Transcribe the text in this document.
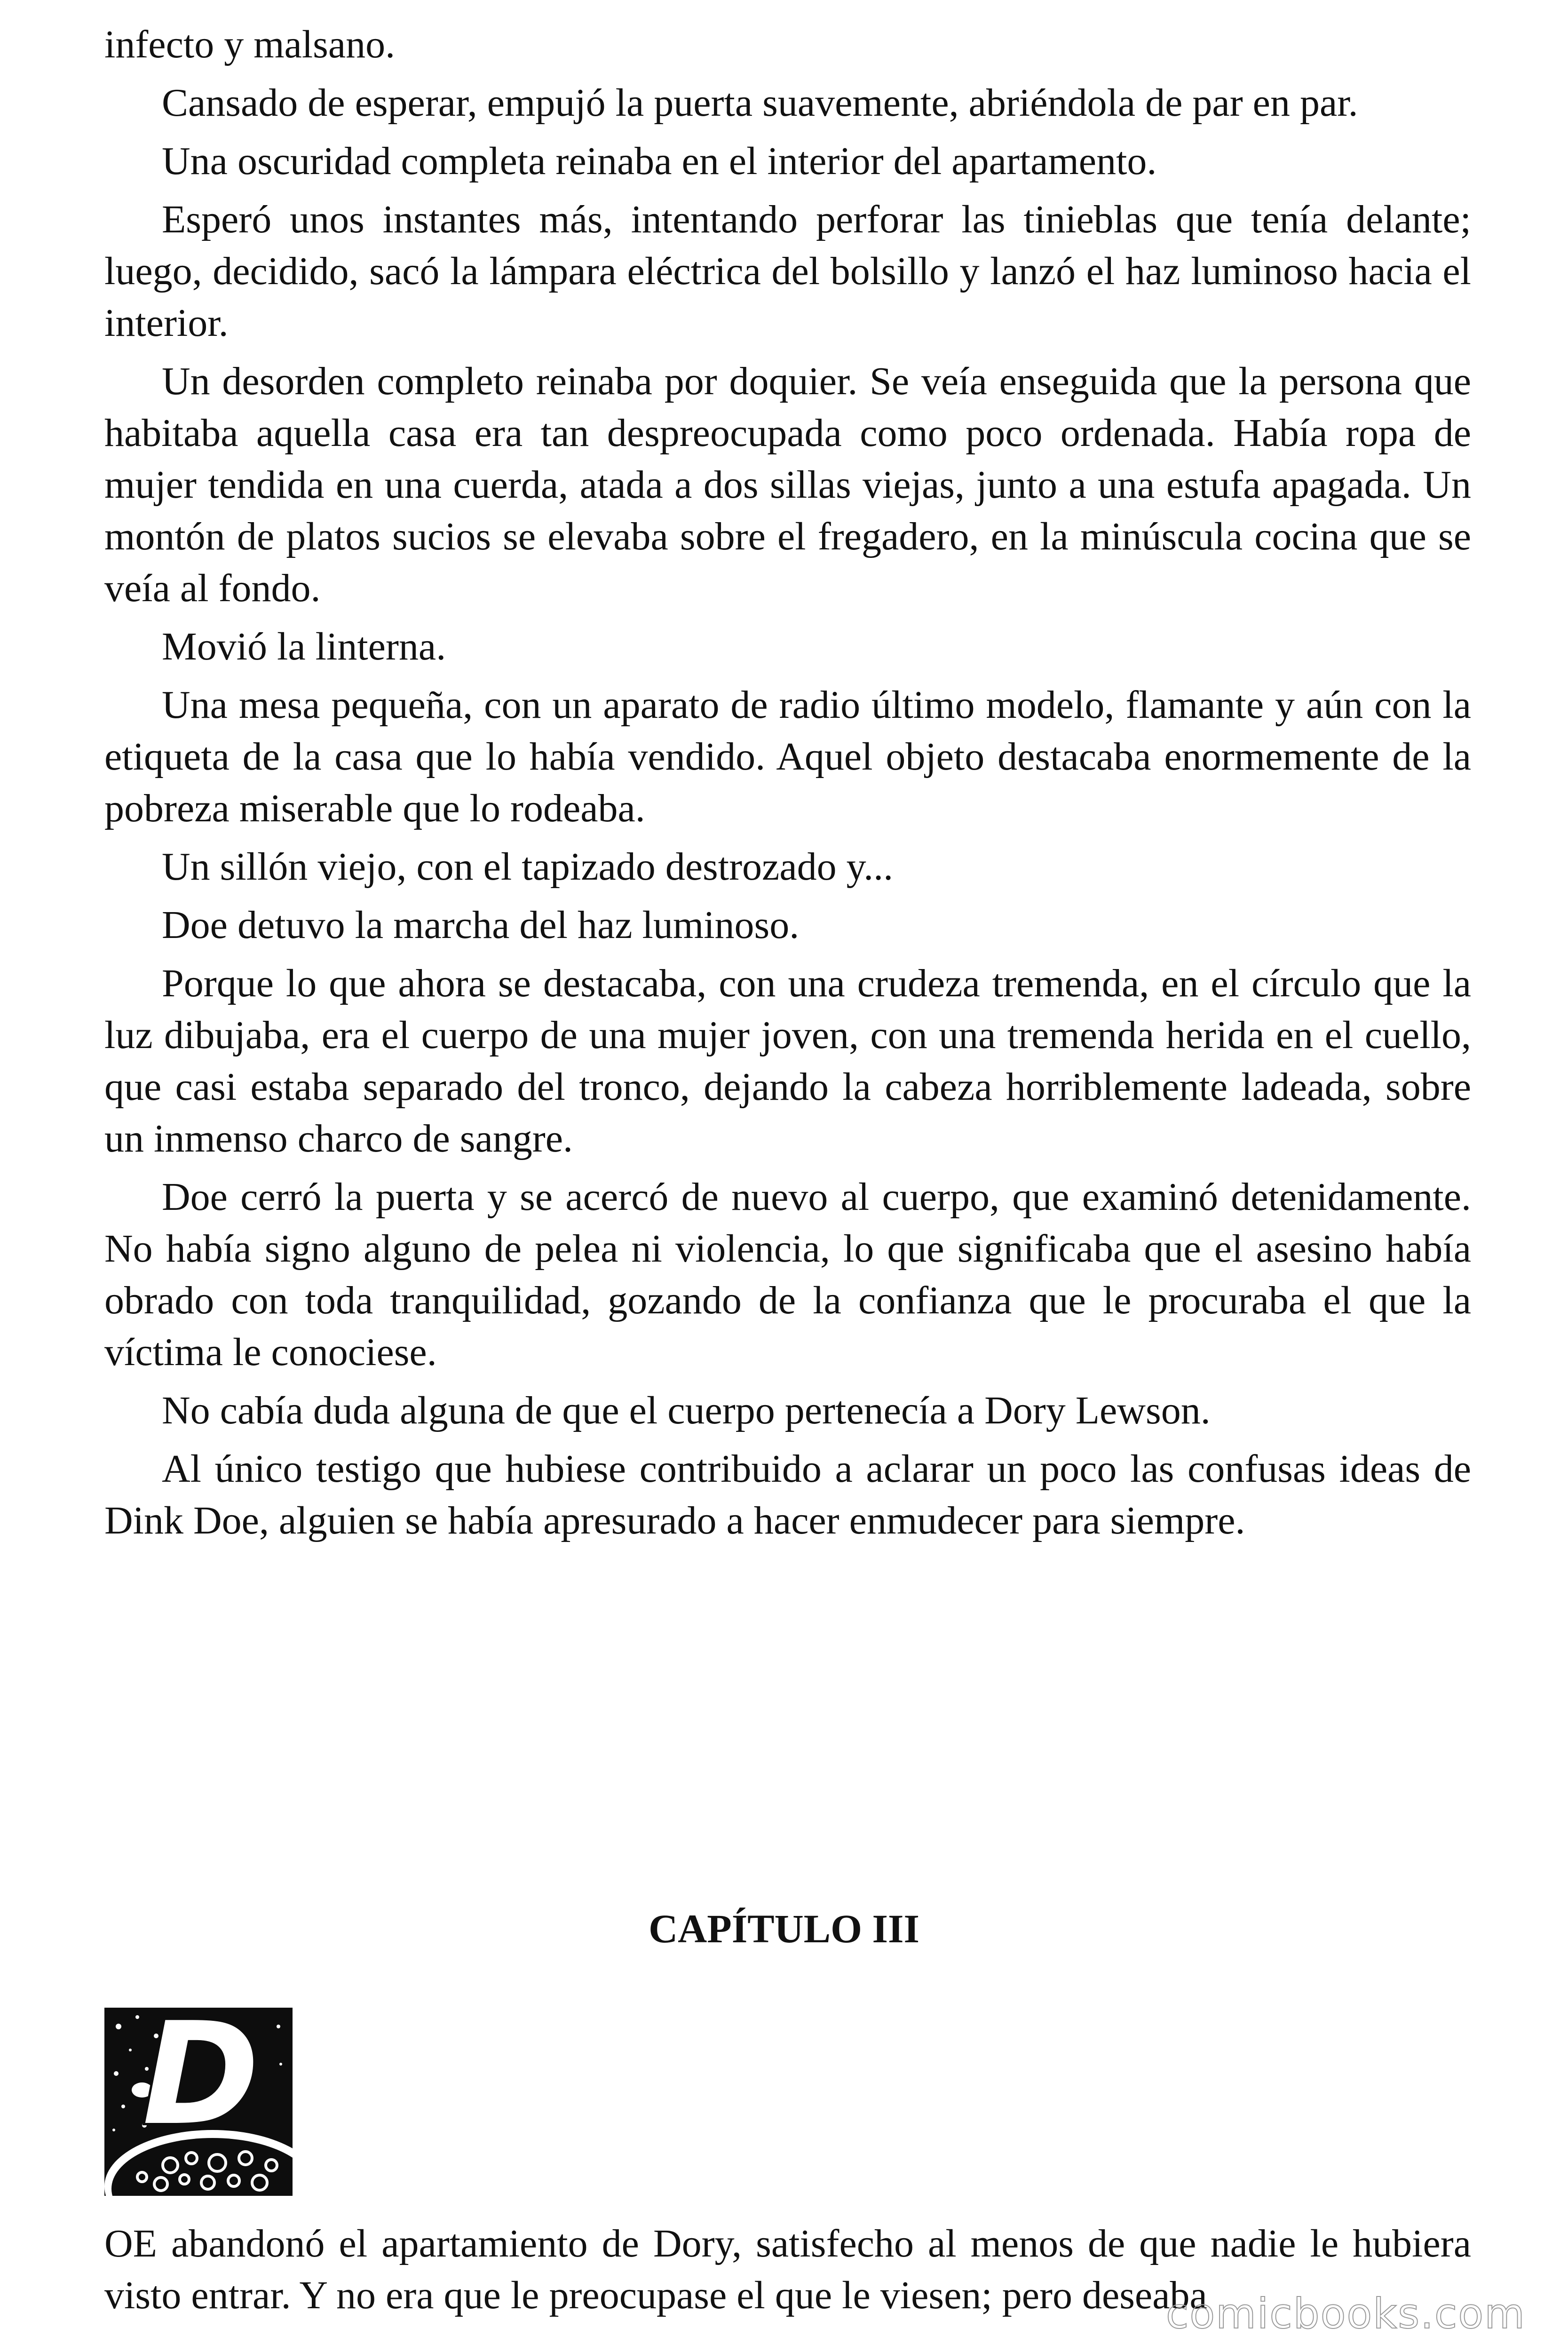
infecto y malsano.

Cansado de esperar, empujó la puerta suavemente, abriéndola de par en par.

Una oscuridad completa reinaba en el interior del apartamento.

Esperó unos instantes más, intentando perforar las tinieblas que tenía delante; luego, decidido, sacó la lámpara eléctrica del bolsillo y lanzó el haz luminoso hacia el interior.

Un desorden completo reinaba por doquier. Se veía enseguida que la persona que habitaba aquella casa era tan despreocupada como poco ordenada. Había ropa de mujer tendida en una cuerda, atada a dos sillas viejas, junto a una estufa apagada. Un montón de platos sucios se elevaba sobre el fregadero, en la minúscula cocina que se veía al fondo.

Movió la linterna.

Una mesa pequeña, con un aparato de radio último modelo, flamante y aún con la etiqueta de la casa que lo había vendido. Aquel objeto destacaba enormemente de la pobreza miserable que lo rodeaba.

Un sillón viejo, con el tapizado destrozado y...

Doe detuvo la marcha del haz luminoso.

Porque lo que ahora se destacaba, con una crudeza tremenda, en el círculo que la luz dibujaba, era el cuerpo de una mujer joven, con una tremenda herida en el cuello, que casi estaba separado del tronco, dejando la cabeza horriblemente ladeada, sobre un inmenso charco de sangre.

Doe cerró la puerta y se acercó de nuevo al cuerpo, que examinó detenidamente. No había signo alguno de pelea ni violencia, lo que significaba que el asesino había obrado con toda tranquilidad, gozando de la confianza que le procuraba el que la víctima le conociese.

No cabía duda alguna de que el cuerpo pertenecía a Dory Lewson.

Al único testigo que hubiese contribuido a aclarar un poco las confusas ideas de Dink Doe, alguien se había apresurado a hacer enmudecer para siempre.

CAPÍTULO III
D

OE abandonó el apartamiento de Dory, satisfecho al menos de que nadie le hubiera visto entrar. Y no era que le preocupase el que le viesen; pero deseaba

comicbooks.com
